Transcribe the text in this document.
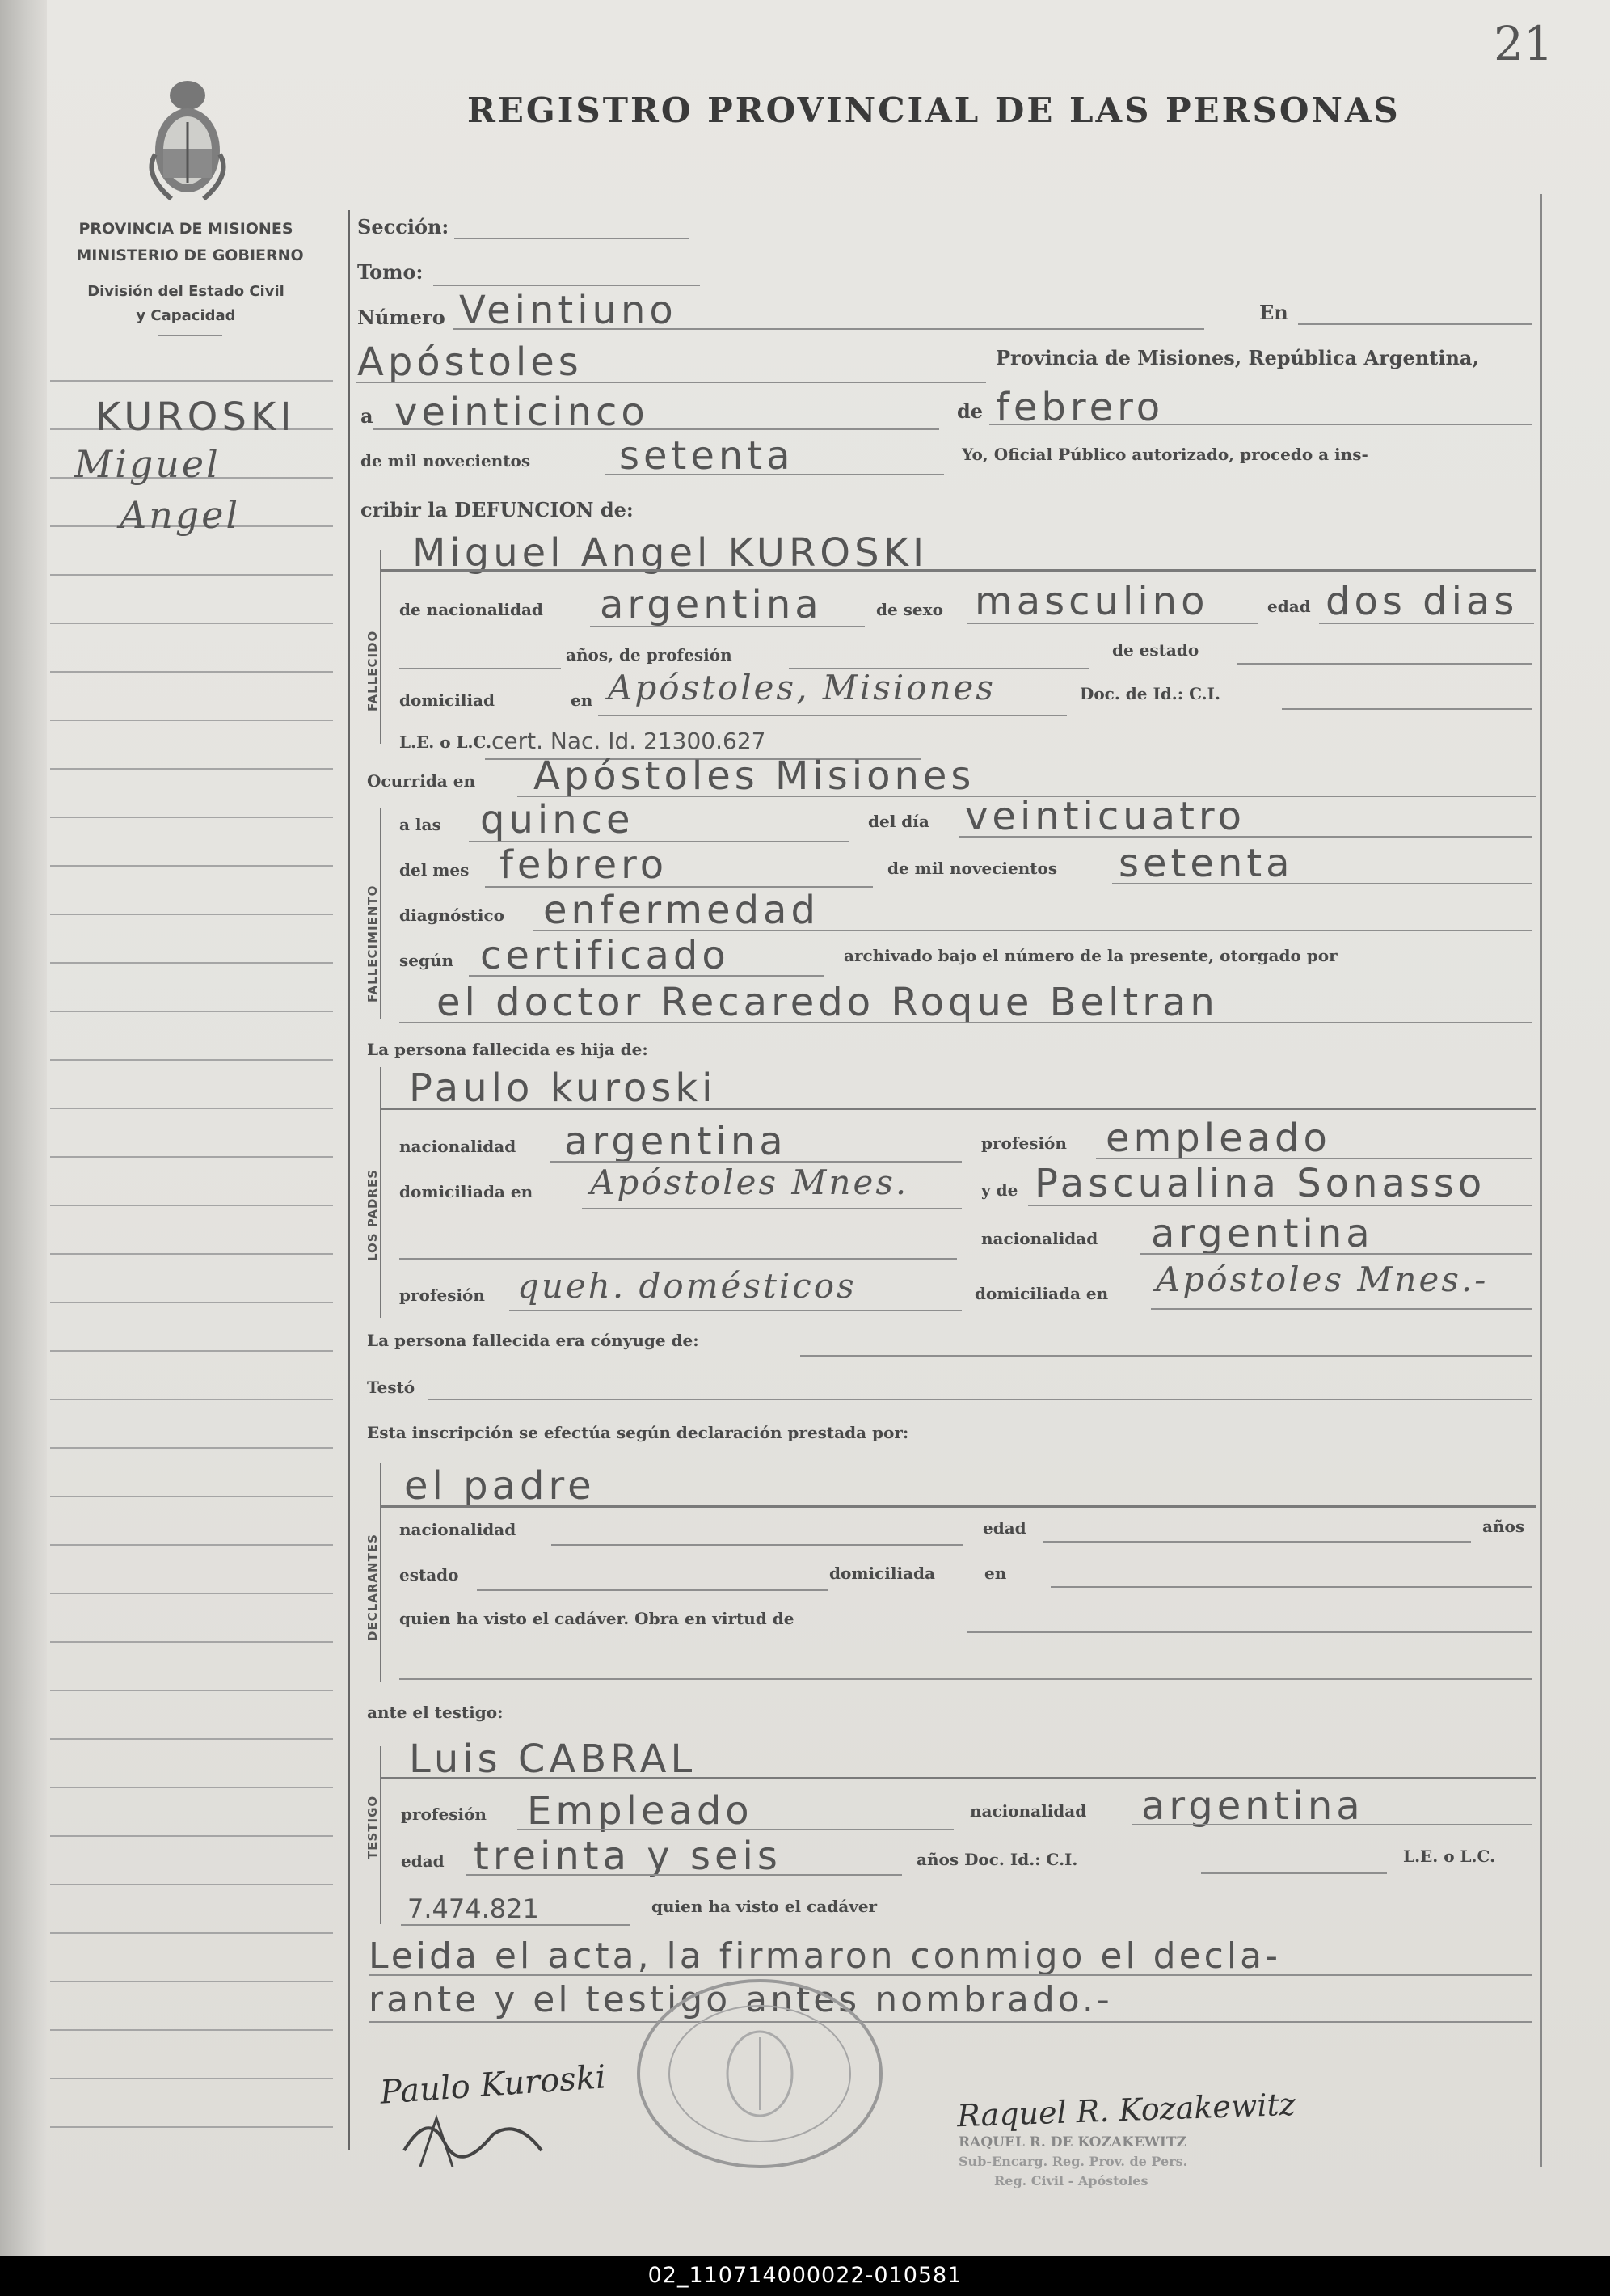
21
REGISTRO PROVINCIAL DE LAS PERSONAS
PROVINCIA DE MISIONES
MINISTERIO DE GOBIERNO
División del Estado Civil
y Capacidad
KUROSKI
Miguel
Angel
Sección:
Tomo:
Número Veintiuno	En
Apóstoles	Provincia de Misiones, República Argentina,
a veinticinco	de febrero
de mil novecientos setenta	Yo, Oficial Público autorizado, procedo a ins-
cribir la DEFUNCION de:
FALLECIDO
Miguel Angel KUROSKI
de nacionalidad argentina	de sexo masculino	edad dos dias
años, de profesión	de estado
domiciliad	en Apóstoles, Misiones	Doc. de Id.: C.I.
L.E. o L.C. cert. Nac. Id. 21300.627
Ocurrida en Apóstoles Misiones
FALLECIMIENTO
a las quince	del día veinticuatro
del mes febrero	de mil novecientos setenta
diagnóstico enfermedad
según certificado	archivado bajo el número de la presente, otorgado por
el doctor Recaredo Roque Beltran
La persona fallecida es hija de:
LOS PADRES
Paulo kuroski
nacionalidad argentina	profesión empleado
domiciliada en Apóstoles Mnes.	y de Pascualina Sonasso
nacionalidad argentina
profesión queh. domésticos	domiciliada en Apóstoles Mnes.-
La persona fallecida era cónyuge de:
Testó
Esta inscripción se efectúa según declaración prestada por:
DECLARANTES
el padre
nacionalidad	edad	años
estado	domiciliada	en
quien ha visto el cadáver. Obra en virtud de
ante el testigo:
TESTIGO
Luis CABRAL
profesión Empleado	nacionalidad argentina
edad treinta y seis	años Doc. Id.: C.I.	L.E. o L.C.
7.474.821	quien ha visto el cadáver
Leida el acta, la firmaron conmigo el decla-
rante y el testigo antes nombrado.-
Paulo Kuroski	Raquel R. Kozakewitz
RAQUEL R. DE KOZAKEWITZ
Sub-Encarg. Reg. Prov. de Pers.
Reg. Civil - Apóstoles
02_110714000022-010581
